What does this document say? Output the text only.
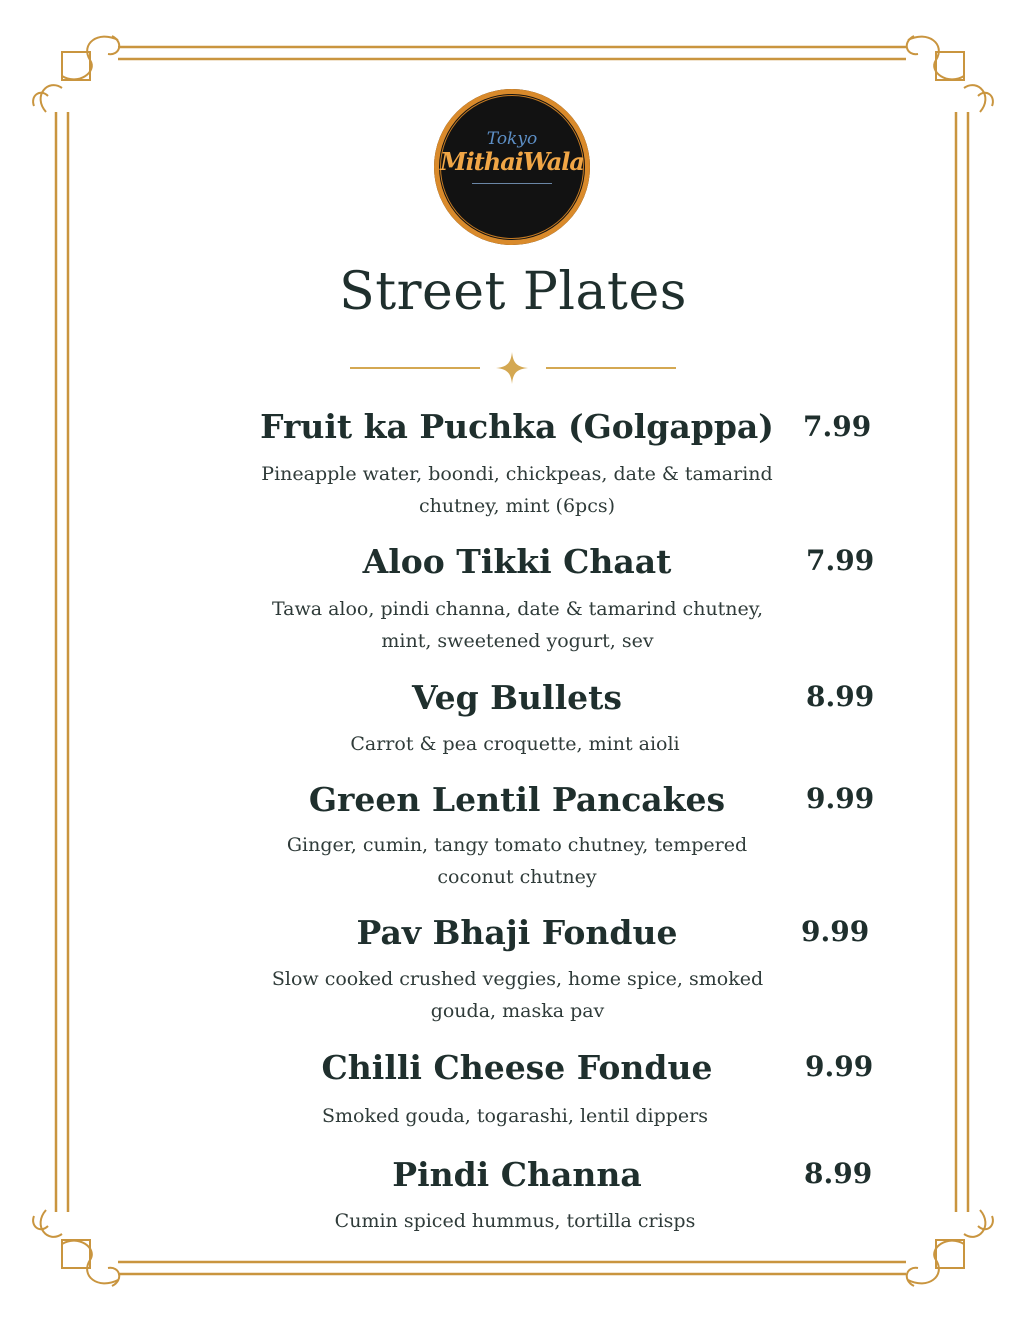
Tokyo
MithaiWala
Street Plates
Fruit ka Puchka (Golgappa)	7.99
Pineapple water, boondi, chickpeas, date & tamarind chutney, mint (6pcs)
Aloo Tikki Chaat	7.99
Tawa aloo, pindi channa, date & tamarind chutney, mint, sweetened yogurt, sev
Veg Bullets	8.99
Carrot & pea croquette, mint aioli
Green Lentil Pancakes	9.99
Ginger, cumin, tangy tomato chutney, tempered coconut chutney
Pav Bhaji Fondue	9.99
Slow cooked crushed veggies, home spice, smoked gouda, maska pav
Chilli Cheese Fondue	9.99
Smoked gouda, togarashi, lentil dippers
Pindi Channa	8.99
Cumin spiced hummus, tortilla crisps
